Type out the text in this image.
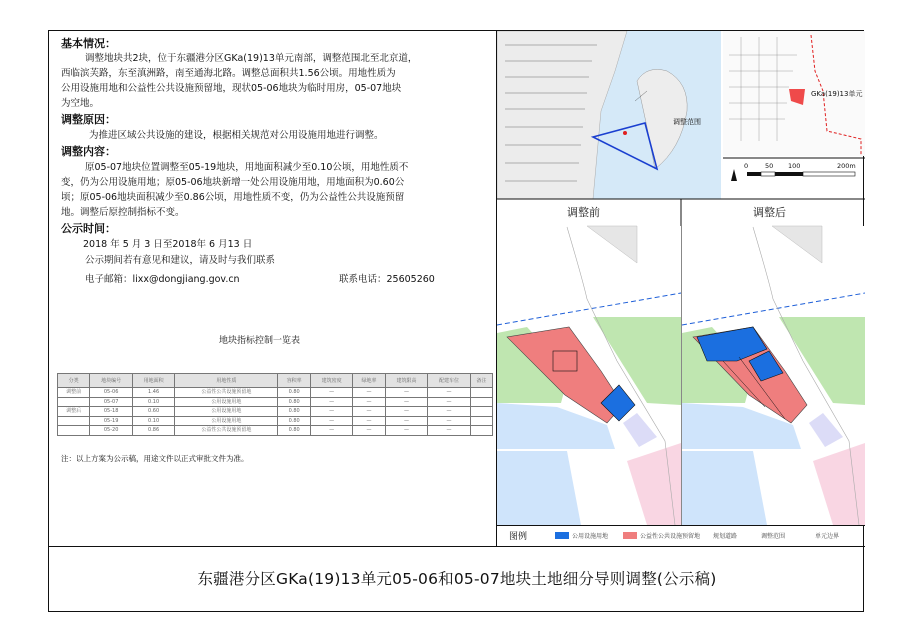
基本情况：
调整地块共2块，位于东疆港分区GKa(19)13单元南部，调整范围北至北京道，
西临滨芙路，东至滇洲路，南至通海北路。调整总面积共1.56公顷。用地性质为
公用设施用地和公益性公共设施预留地，现状05-06地块为临时用房，05-07地块
为空地。
调整原因：
为推进区域公共设施的建设，根据相关规范对公用设施用地进行调整。
调整内容：
原05-07地块位置调整至05-19地块，用地面积减少至0.10公顷，用地性质不
变，仍为公用设施用地；原05-06地块新增一处公用设施用地，用地面积为0.60公
顷；原05-06地块面积减少至0.86公顷，用地性质不变，仍为公益性公共设施预留
地。调整后原控制指标不变。
公示时间：
2018 年 5 月 3 日至2018年 6 月13 日
公示期间若有意见和建议，请及时与我们联系
电子邮箱：lixx@dongjiang.gov.cn	联系电话：25605260
地块指标控制一览表
分类	地块编号	用地面积	用地性质	容积率	建筑密度	绿地率	建筑限高	配建车位	备注
调整前	05-06	1.46	公益性公共设施预留地	0.80	—	—	—	—	
	05-07	0.10	公用设施用地	0.80	—	—	—	—	
调整后	05-18	0.60	公用设施用地	0.80	—	—	—	—	
	05-19	0.10	公用设施用地	0.80	—	—	—	—	
	05-20	0.86	公益性公共设施预留地	0.80	—	—	—	—	
注：以上方案为公示稿，用途文件以正式审批文件为准。
0	50 100	200m
调整范围
GKa(19)13单元
调整前	调整后
图例	公用设施用地	公益性公共设施预留地 规划道路	调整范围	单元边界
东疆港分区GKa(19)13单元05-06和05-07地块土地细分导则调整(公示稿)
